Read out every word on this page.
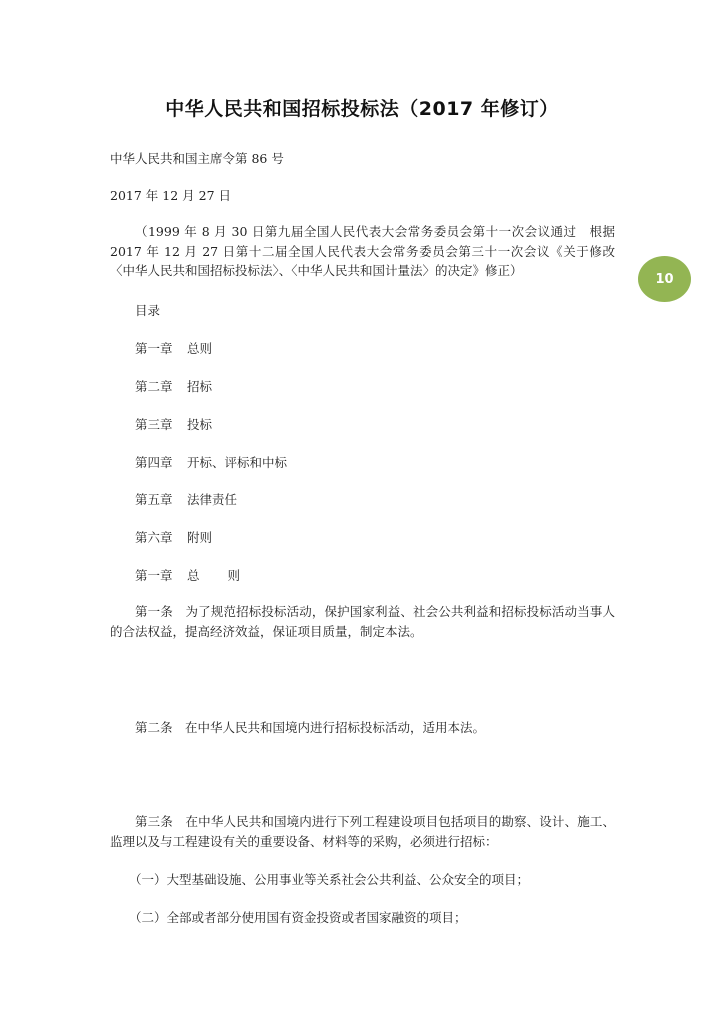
中华人民共和国招标投标法（2017 年修订）
中华人民共和国主席令第 86 号
2017 年 12 月 27 日
（1999 年 8 月 30 日第九届全国人民代表大会常务委员会第十一次会议通过　根据 2017 年 12 月 27 日第十二届全国人民代表大会常务委员会第三十一次会议《关于修改〈中华人民共和国招标投标法〉、〈中华人民共和国计量法〉的决定》修正）
10
目录
第一章 总则
第二章 招标
第三章 投标
第四章 开标、评标和中标
第五章 法律责任
第六章 附则
第一章 总 则
第一条　 为了规范招标投标活动，保护国家利益、社会公共利益和招标投标活动当事人的合法权益，提高经济效益，保证项目质量，制定本法。
第二条　 在中华人民共和国境内进行招标投标活动，适用本法。
第三条　 在中华人民共和国境内进行下列工程建设项目包括项目的勘察、设计、施工、监理以及与工程建设有关的重要设备、材料等的采购，必须进行招标：
（一）大型基础设施、公用事业等关系社会公共利益、公众安全的项目；
（二）全部或者部分使用国有资金投资或者国家融资的项目；
